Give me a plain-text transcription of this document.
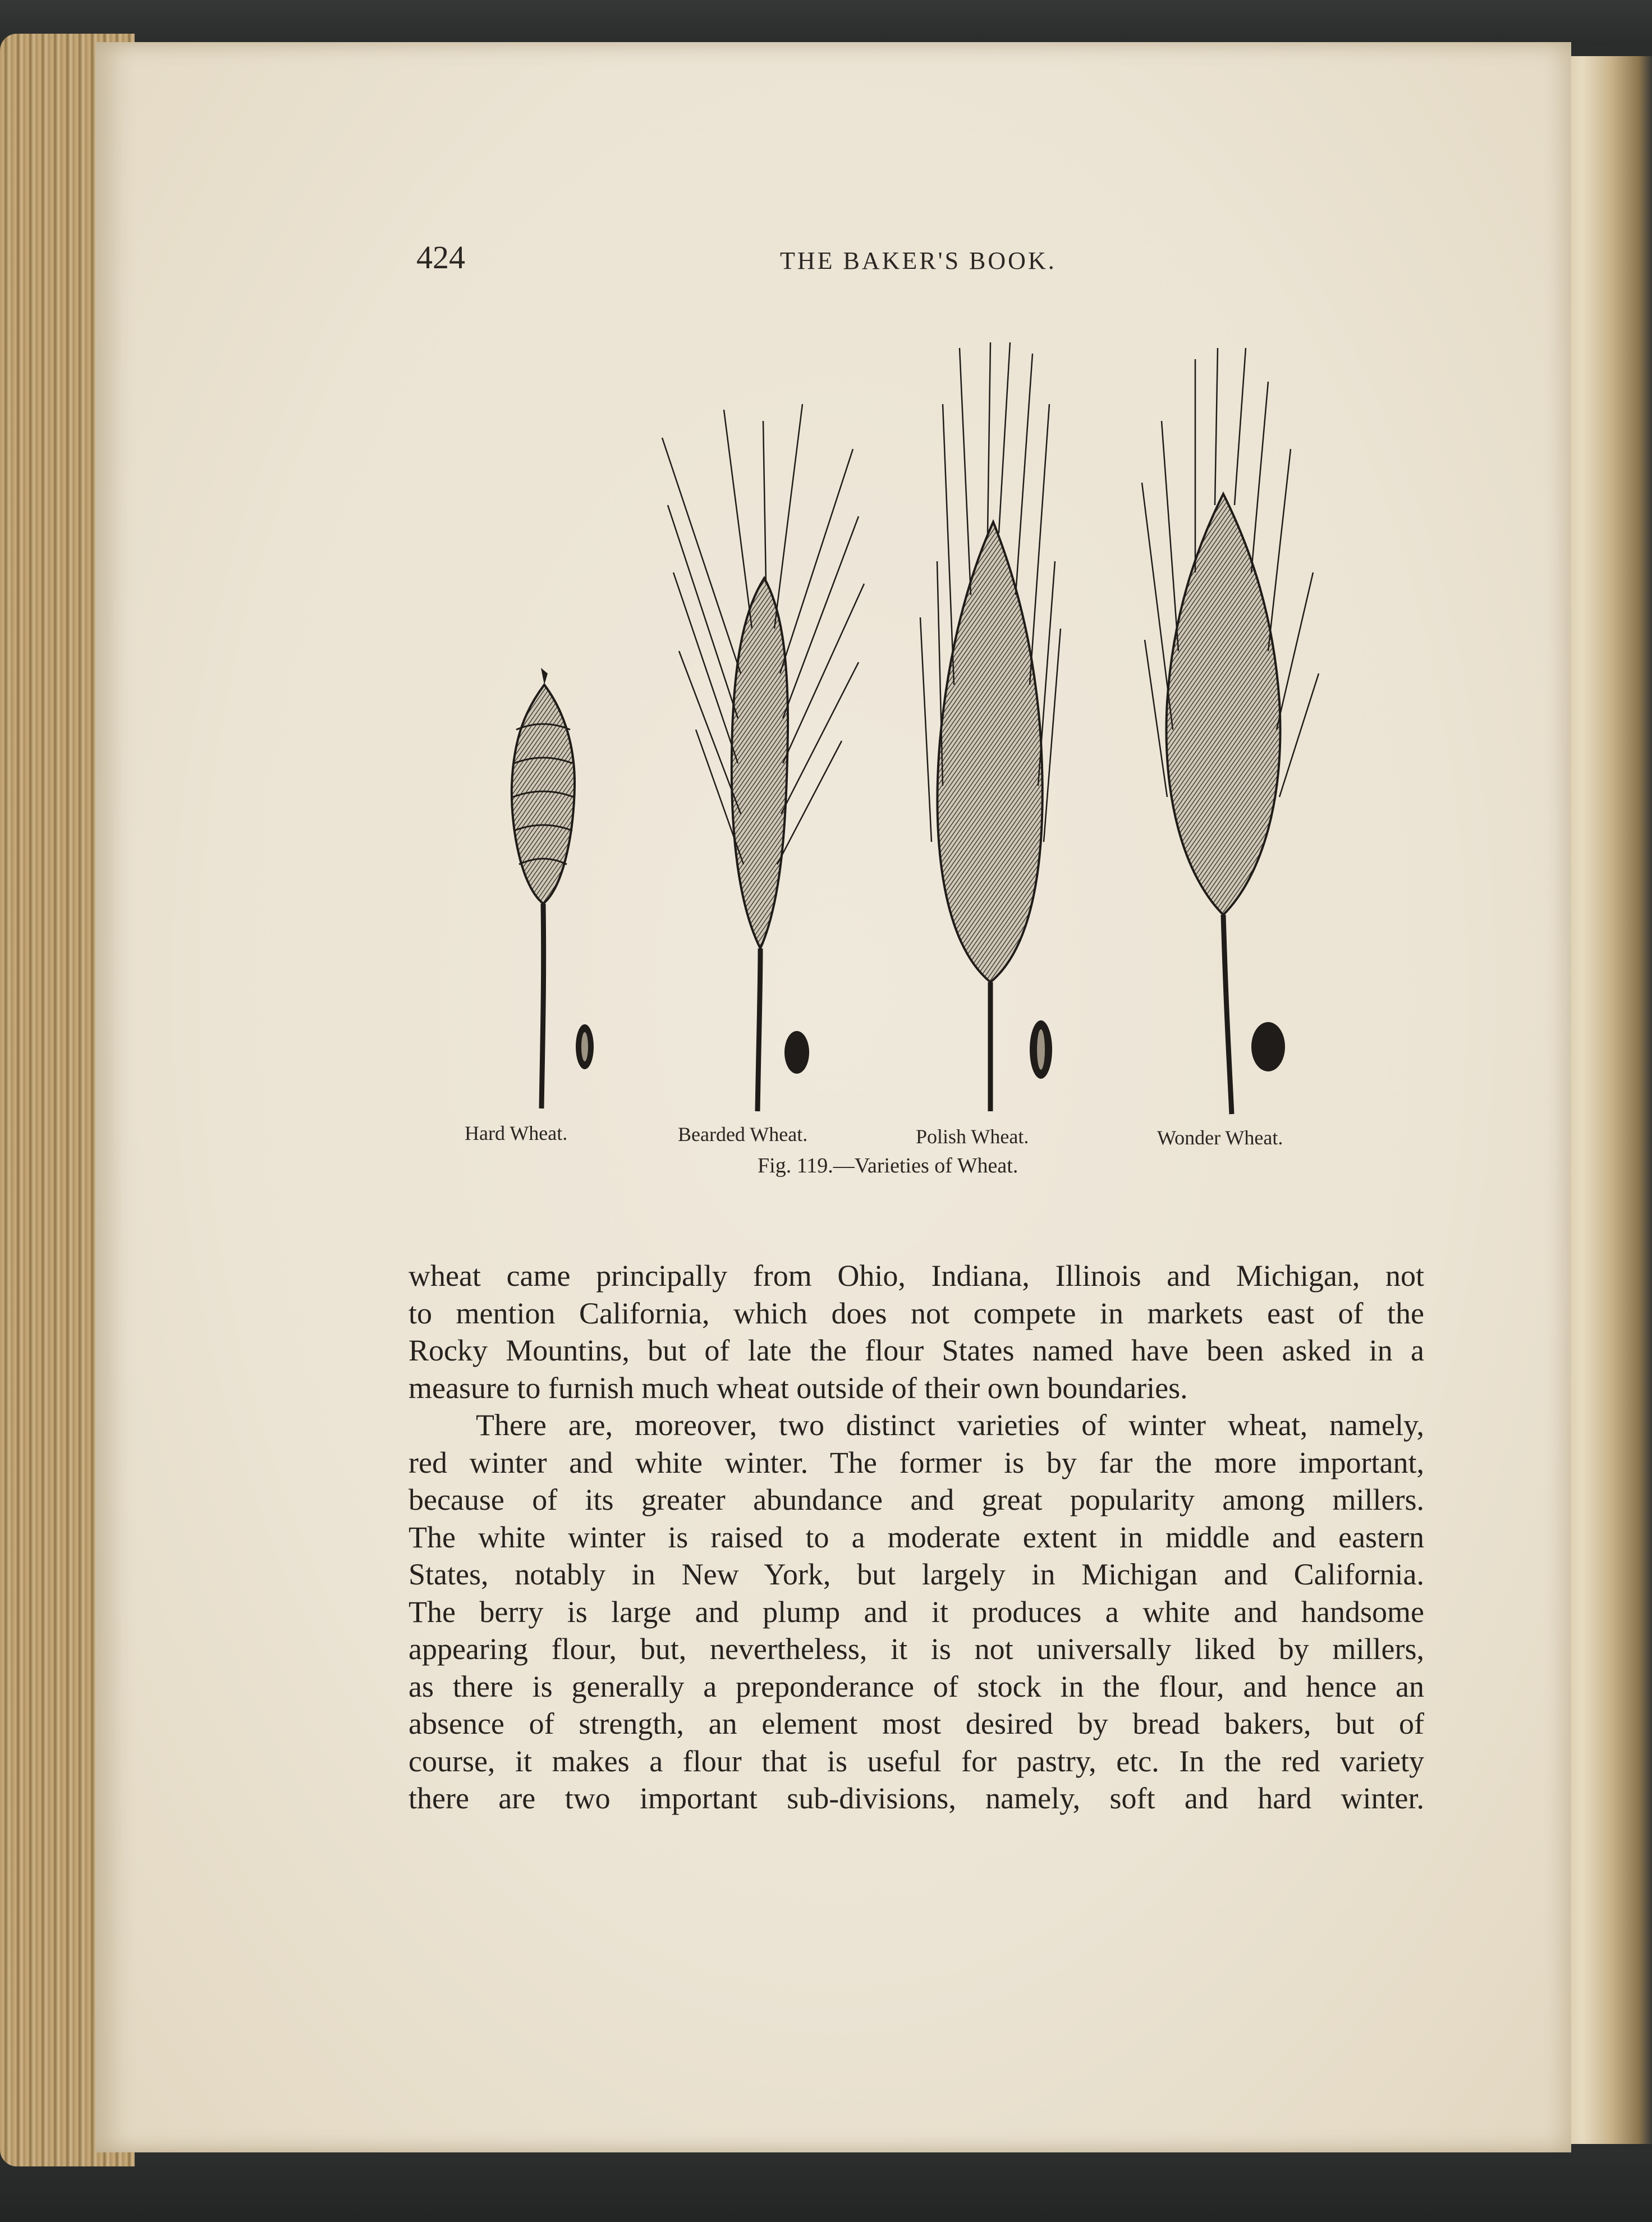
424	THE BAKER'S BOOK.
Hard Wheat.	Bearded Wheat.	Polish Wheat.	Wonder Wheat.
Fig. 119.—Varieties of Wheat.
wheat came principally from Ohio, Indiana, Illinois and Michigan, not
to mention California, which does not compete in markets east of the
Rocky Mountins, but of late the flour States named have been asked in a
measure to furnish much wheat outside of their own boundaries.
There are, moreover, two distinct varieties of winter wheat, namely,
red winter and white winter. The former is by far the more important,
because of its greater abundance and great popularity among millers.
The white winter is raised to a moderate extent in middle and eastern
States, notably in New York, but largely in Michigan and California.
The berry is large and plump and it produces a white and handsome
appearing flour, but, nevertheless, it is not universally liked by millers,
as there is generally a preponderance of stock in the flour, and hence an
absence of strength, an element most desired by bread bakers, but of
course, it makes a flour that is useful for pastry, etc. In the red variety
there are two important sub-divisions, namely, soft and hard winter.
